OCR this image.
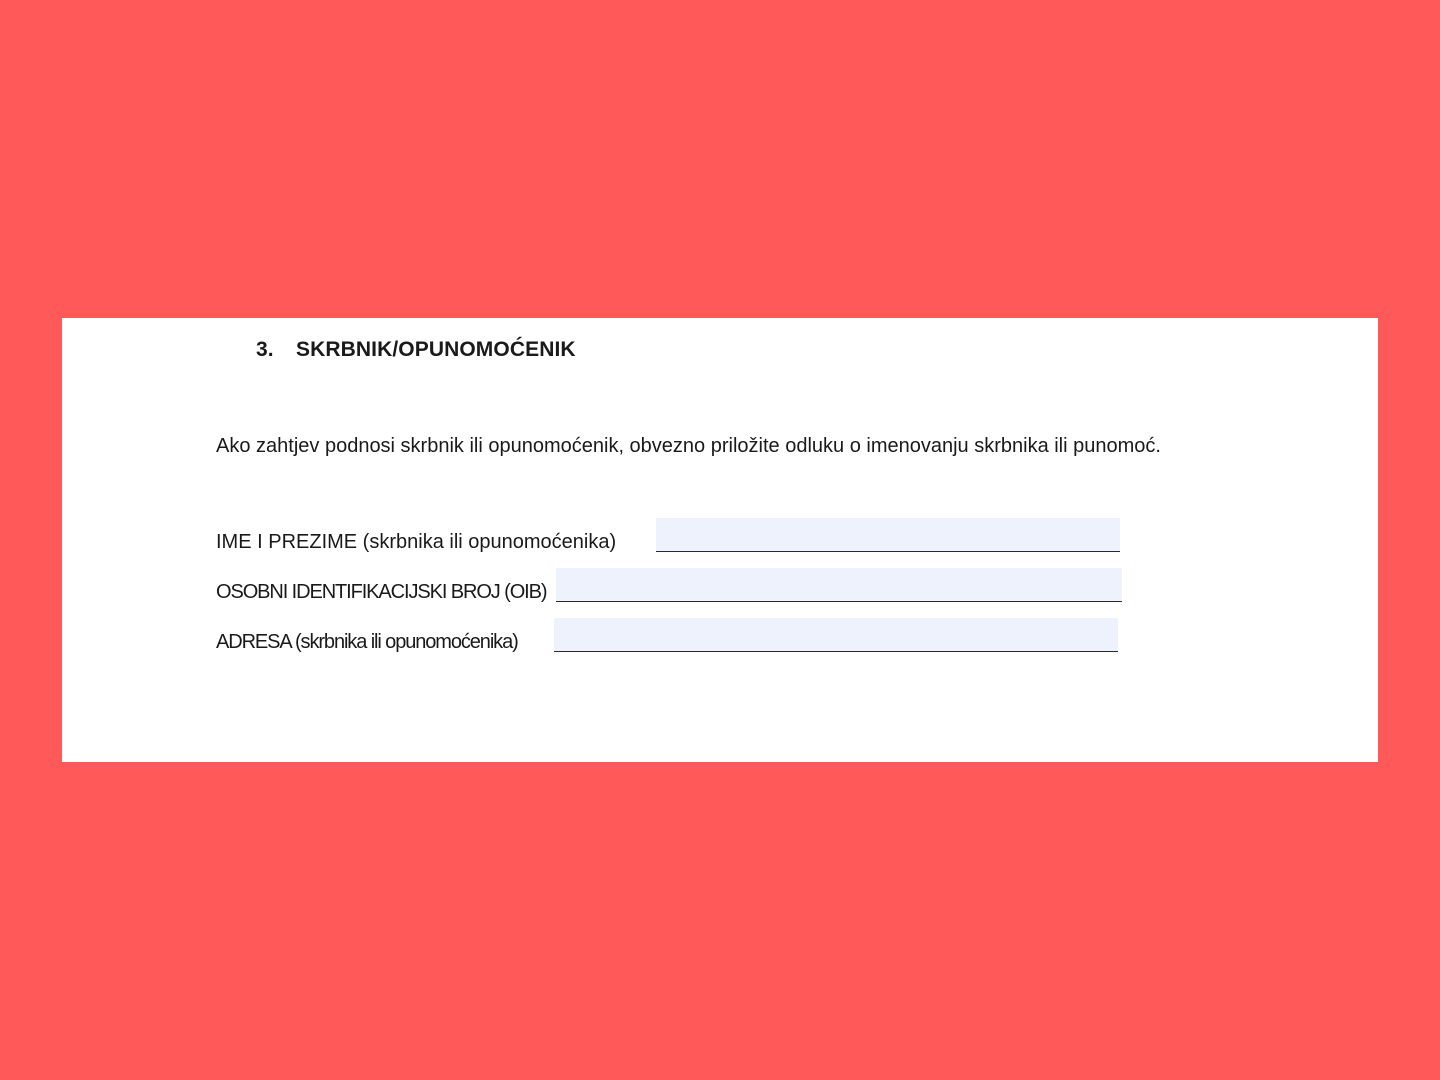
3. SKRBNIK/OPUNOMOĆENIK
Ako zahtjev podnosi skrbnik ili opunomoćenik, obvezno priložite odluku o imenovanju skrbnika ili punomoć.
IME I PREZIME (skrbnika ili opunomoćenika)
OSOBNI IDENTIFIKACIJSKI BROJ (OIB)
ADRESA (skrbnika ili opunomoćenika)
